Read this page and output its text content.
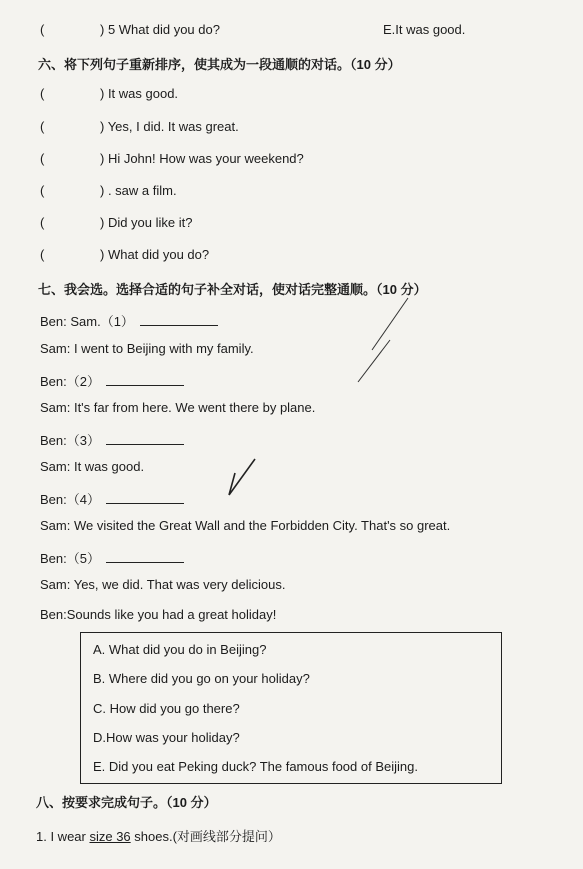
(	) 5 What did you do?	E.It was good.
六、将下列句子重新排序，使其成为一段通顺的对话。（10 分）
(	) It was good.
(	) Yes, I did. It was great.
(	) Hi John! How was your weekend?
(	) . saw a film.
(	) Did you like it?
(	) What did you do?
七、我会选。选择合适的句子补全对话，使对话完整通顺。（10 分）
Ben: Sam.（1）
Sam: I went to Beijing with my family.
Ben:（2）
Sam: It's far from here. We went there by plane.
Ben:（3）
Sam: It was good.
Ben:（4）
Sam: We visited the Great Wall and the Forbidden City. That's so great.
Ben:（5）
Sam: Yes, we did. That was very delicious.
Ben:Sounds like you had a great holiday!
A. What did you do in Beijing?
B. Where did you go on your holiday?
C. How did you go there?
D.How was your holiday?
E. Did you eat Peking duck? The famous food of Beijing.
八、按要求完成句子。（10 分）
1. I wear size 36 shoes.(对画线部分提问）
